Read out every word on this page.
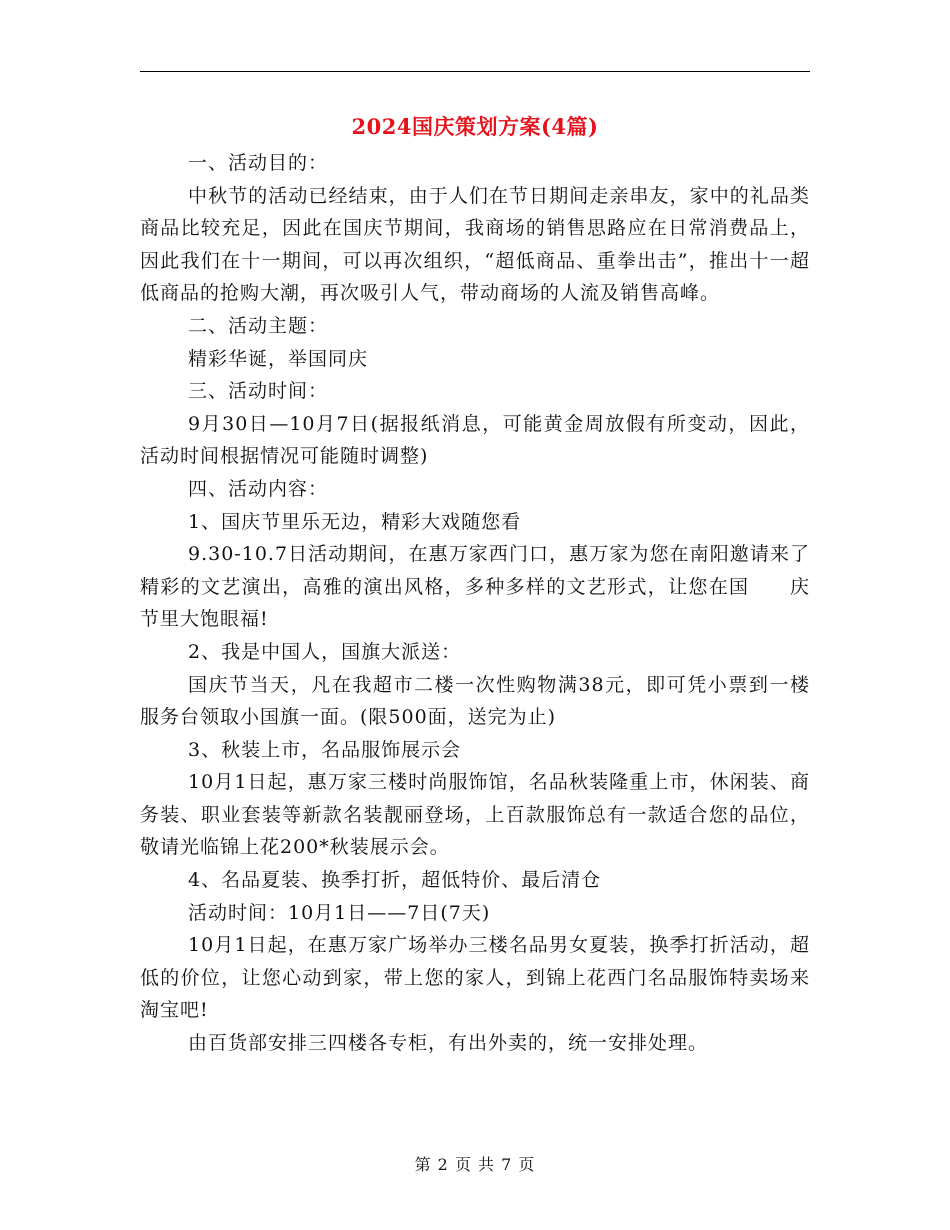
2024国庆策划方案(4篇)

一、活动目的：

中秋节的活动已经结束，由于人们在节日期间走亲串友，家中的礼品类商品比较充足，因此在国庆节期间，我商场的销售思路应在日常消费品上，因此我们在十一期间，可以再次组织，“超低商品、重拳出击”，推出十一超低商品的抢购大潮，再次吸引人气，带动商场的人流及销售高峰。

二、活动主题：

精彩华诞，举国同庆

三、活动时间：

9月30日—10月7日(据报纸消息，可能黄金周放假有所变动，因此，活动时间根据情况可能随时调整)

四、活动内容：

1、国庆节里乐无边，精彩大戏随您看

9.30-10.7日活动期间，在惠万家西门口，惠万家为您在南阳邀请来了精彩的文艺演出，高雅的演出风格，多种多样的文艺形式，让您在国　　庆节里大饱眼福!

2、我是中国人，国旗大派送：

国庆节当天，凡在我超市二楼一次性购物满38元，即可凭小票到一楼服务台领取小国旗一面。(限500面，送完为止)

3、秋装上市，名品服饰展示会

10月1日起，惠万家三楼时尚服饰馆，名品秋装隆重上市，休闲装、商务装、职业套装等新款名装靓丽登场，上百款服饰总有一款适合您的品位，敬请光临锦上花200*秋装展示会。

4、名品夏装、换季打折，超低特价、最后清仓

活动时间：10月1日——7日(7天)

10月1日起，在惠万家广场举办三楼名品男女夏装，换季打折活动，超低的价位，让您心动到家，带上您的家人，到锦上花西门名品服饰特卖场来淘宝吧!

由百货部安排三四楼各专柜，有出外卖的，统一安排处理。

第 2 页 共 7 页
